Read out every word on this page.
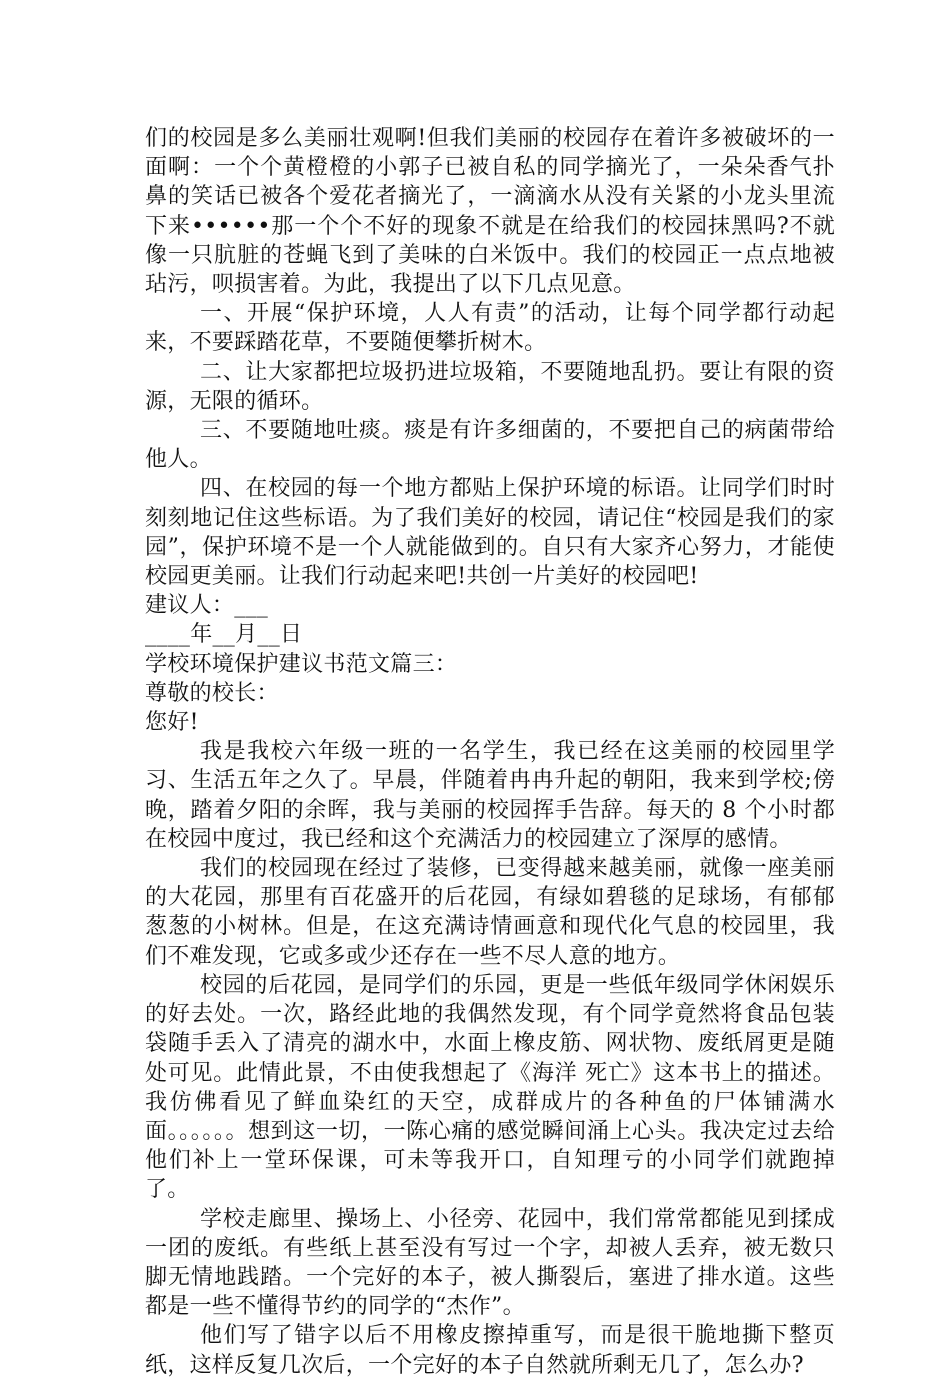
们的校园是多么美丽壮观啊!但我们美丽的校园存在着许多被破坏的一面啊：一个个黄橙橙的小郭子已被自私的同学摘光了，一朵朵香气扑鼻的笑话已被各个爱花者摘光了，一滴滴水从没有关紧的小龙头里流下来••••••那一个个不好的现象不就是在给我们的校园抹黑吗?不就像一只肮脏的苍蝇飞到了美味的白米饭中。我们的校园正一点点地被玷污，呗损害着。为此，我提出了以下几点见意。

一、开展“保护环境，人人有责”的活动，让每个同学都行动起来，不要踩踏花草，不要随便攀折树木。

二、让大家都把垃圾扔进垃圾箱，不要随地乱扔。要让有限的资源，无限的循环。

三、不要随地吐痰。痰是有许多细菌的，不要把自己的病菌带给他人。

四、在校园的每一个地方都贴上保护环境的标语。让同学们时时刻刻地记住这些标语。为了我们美好的校园，请记住“校园是我们的家园”，保护环境不是一个人就能做到的。自只有大家齐心努力，才能使校园更美丽。让我们行动起来吧!共创一片美好的校园吧!

建议人：___

____年__月__日

学校环境保护建议书范文篇三：

尊敬的校长：

您好!

我是我校六年级一班的一名学生，我已经在这美丽的校园里学习、生活五年之久了。早晨，伴随着冉冉升起的朝阳，我来到学校;傍晚，踏着夕阳的余晖，我与美丽的校园挥手告辞。每天的 8 个小时都在校园中度过，我已经和这个充满活力的校园建立了深厚的感情。

我们的校园现在经过了装修，已变得越来越美丽，就像一座美丽的大花园，那里有百花盛开的后花园，有绿如碧毯的足球场，有郁郁葱葱的小树林。但是，在这充满诗情画意和现代化气息的校园里，我们不难发现，它或多或少还存在一些不尽人意的地方。

校园的后花园，是同学们的乐园，更是一些低年级同学休闲娱乐的好去处。一次，路经此地的我偶然发现，有个同学竟然将食品包装袋随手丢入了清亮的湖水中，水面上橡皮筋、网状物、废纸屑更是随处可见。此情此景，不由使我想起了《海洋 死亡》这本书上的描述。我仿佛看见了鲜血染红的天空，成群成片的各种鱼的尸体铺满水面。。。。。。想到这一切，一陈心痛的感觉瞬间涌上心头。我决定过去给他们补上一堂环保课，可未等我开口，自知理亏的小同学们就跑掉了。

学校走廊里、操场上、小径旁、花园中，我们常常都能见到揉成一团的废纸。有些纸上甚至没有写过一个字，却被人丢弃，被无数只脚无情地践踏。一个完好的本子，被人撕裂后，塞进了排水道。这些都是一些不懂得节约的同学的“杰作”。

他们写了错字以后不用橡皮擦掉重写，而是很干脆地撕下整页纸，这样反复几次后，一个完好的本子自然就所剩无几了，怎么办?
